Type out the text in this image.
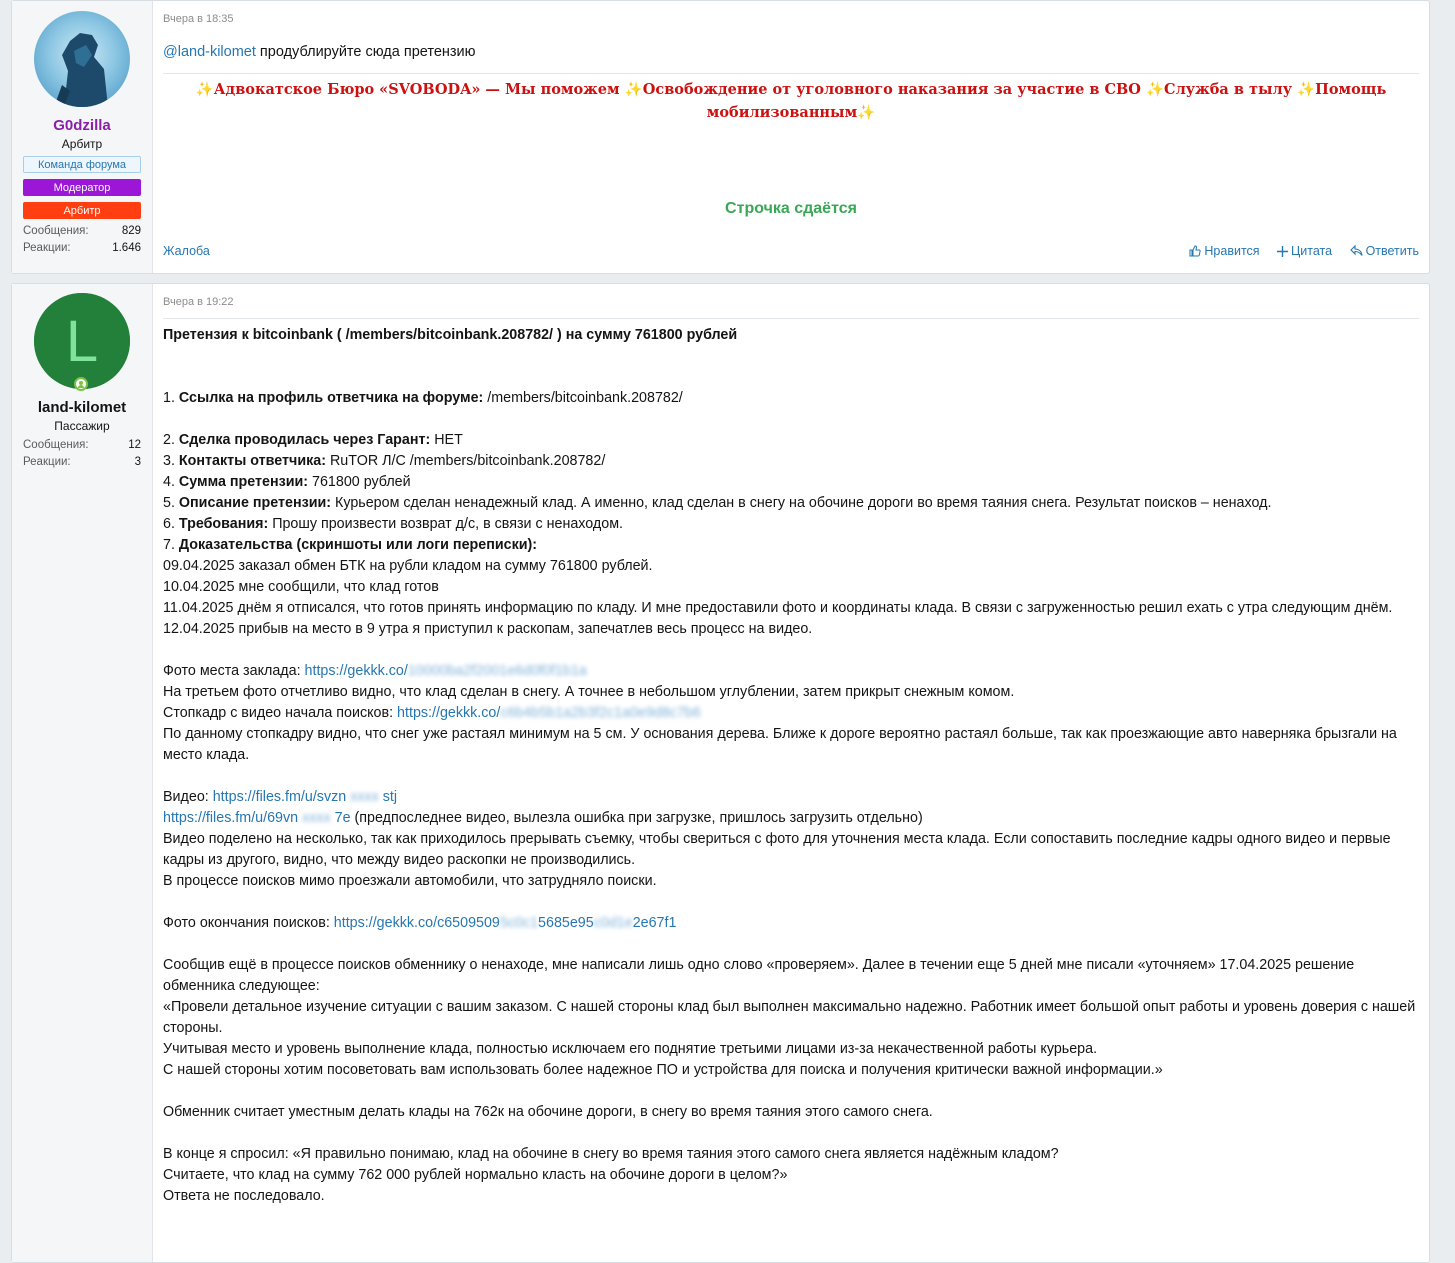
G0dzilla
Арбитр
Команда форума
Модератор
Арбитр
Сообщения:	829
Реакции:	1.646
Вчера в 18:35
@land-kilomet продублируйте сюда претензию
✨Адвокатское Бюро «SVOBODA» — Мы поможем ✨Освобождение от уголовного наказания за участие в СВО ✨Служба в тылу ✨Помощь
мобилизованным✨
Строчка сдаётся
Жалоба	Нравится	Цитата	Ответить
L
land-kilomet
Пассажир
Сообщения:	12
Реакции:	3
Вчера в 19:22
Претензия к bitcoinbank ( /members/bitcoinbank.208782/ ) на сумму 761800 рублей
1. Ссылка на профиль ответчика на форуме: /members/bitcoinbank.208782/
2. Сделка проводилась через Гарант: НЕТ
3. Контакты ответчика: RuTOR Л/С /members/bitcoinbank.208782/
4. Сумма претензии: 761800 рублей
5. Описание претензии: Курьером сделан ненадежный клад. А именно, клад сделан в снегу на обочине дороги во время таяния снега. Результат поисков – ненаход.
6. Требования: Прошу произвести возврат д/с, в связи с ненаходом.
7. Доказательства (скриншоты или логи переписки):
09.04.2025 заказал обмен БТК на рубли кладом на сумму 761800 рублей.
10.04.2025 мне сообщили, что клад готов
11.04.2025 днём я отписался, что готов принять информацию по кладу. И мне предоставили фото и координаты клада. В связи с загруженностью решил ехать с утра следующим днём.
12.04.2025 прибыв на место в 9 утра я приступил к раскопам, запечатлев весь процесс на видео.
Фото места заклада: https://gekkk.co/10000ba2f2001e6d0f0f1b1a
На третьем фото отчетливо видно, что клад сделан в снегу. А точнее в небольшом углублении, затем прикрыт снежным комом.
Стопкадр с видео начала поисков: https://gekkk.co/c6b4b5b1a2b3f2c1a0e9d8c7b6
По данному стопкадру видно, что снег уже растаял минимум на 5 см. У основания дерева. Ближе к дороге вероятно растаял больше, так как проезжающие авто наверняка брызгали на место клада.
Видео: https://files.fm/u/svzn xxxx stj
https://files.fm/u/69vn xxxx 7e (предпоследнее видео, вылезла ошибка при загрузке, пришлось загрузить отдельно)
Видео поделено на несколько, так как приходилось прерывать съемку, чтобы свериться с фото для уточнения места клада. Если сопоставить последние кадры одного видео и первые кадры из другого, видно, что между видео раскопки не производились.
В процессе поисков мимо проезжали автомобили, что затрудняло поиски.
Фото окончания поисков: https://gekkk.co/c65095095c0c15685e95c0d1e2e67f1
Сообщив ещё в процессе поисков обменнику о ненаходе, мне написали лишь одно слово «проверяем». Далее в течении еще 5 дней мне писали «уточняем» 17.04.2025 решение обменника следующее:
«Провели детальное изучение ситуации с вашим заказом. С нашей стороны клад был выполнен максимально надежно. Работник имеет большой опыт работы и уровень доверия с нашей стороны.
Учитывая место и уровень выполнение клада, полностью исключаем его поднятие третьими лицами из-за некачественной работы курьера.
С нашей стороны хотим посоветовать вам использовать более надежное ПО и устройства для поиска и получения критически важной информации.»
Обменник считает уместным делать клады на 762к на обочине дороги, в снегу во время таяния этого самого снега.
В конце я спросил: «Я правильно понимаю, клад на обочине в снегу во время таяния этого самого снега является надёжным кладом?
Считаете, что клад на сумму 762 000 рублей нормально класть на обочине дороги в целом?»
Ответа не последовало.
